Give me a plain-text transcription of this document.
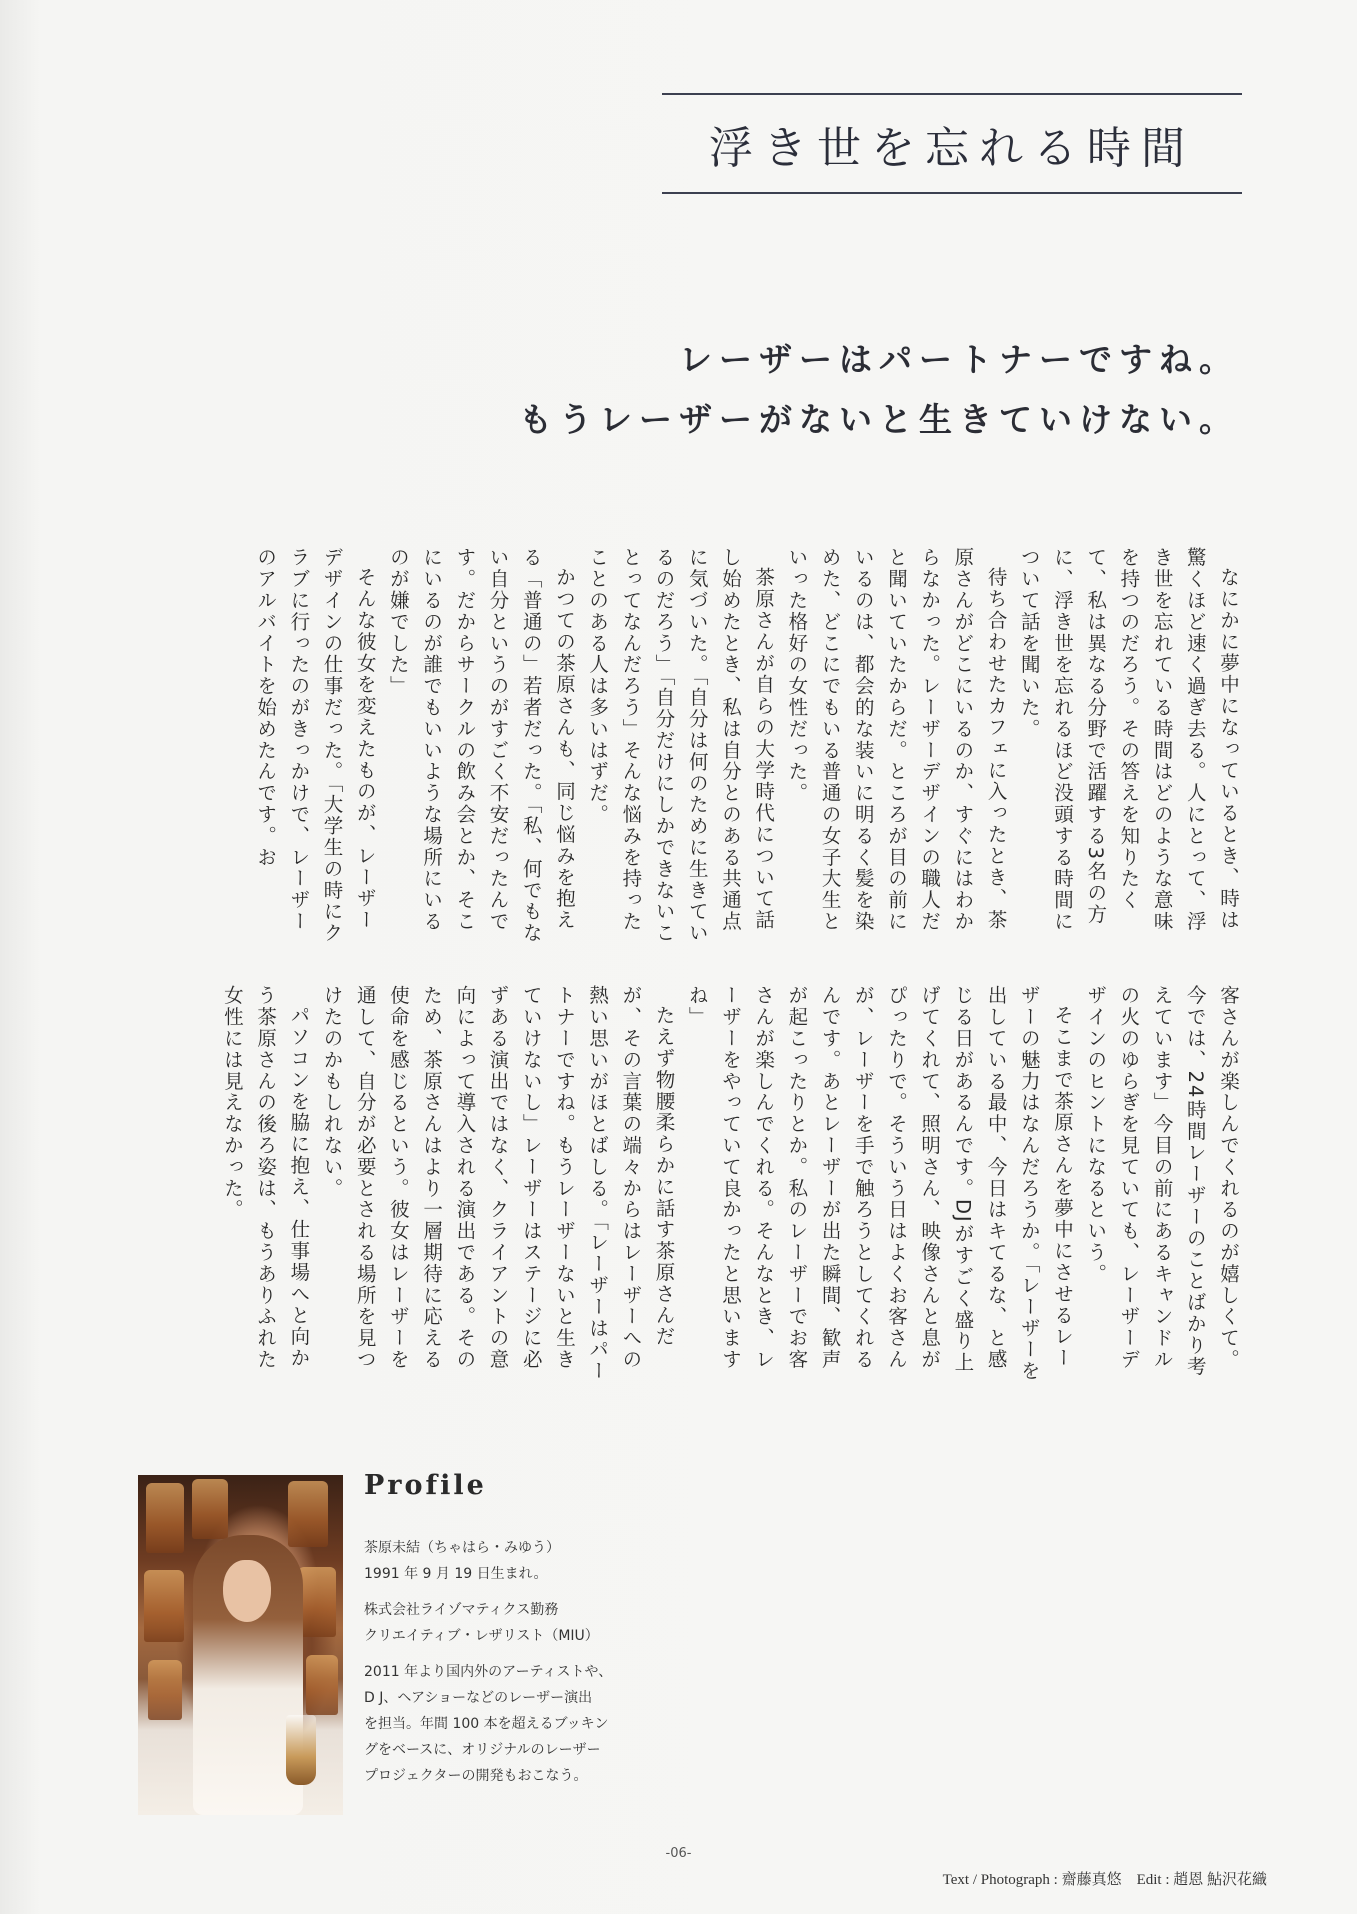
浮き世を忘れる時間
レーザーはパートナーですね。
もうレーザーがないと生きていけない。

なにかに夢中になっているとき、時は驚くほど速く過ぎ去る。人にとって、浮き世を忘れている時間はどのような意味を持つのだろう。その答えを知りたくて、私は異なる分野で活躍する3名の方に、浮き世を忘れるほど没頭する時間について話を聞いた。

待ち合わせたカフェに入ったとき、茶原さんがどこにいるのか、すぐにはわからなかった。レーザーデザインの職人だと聞いていたからだ。ところが目の前にいるのは、都会的な装いに明るく髪を染めた、どこにでもいる普通の女子大生といった格好の女性だった。

茶原さんが自らの大学時代について話し始めたとき、私は自分とのある共通点に気づいた。「自分は何のために生きているのだろう」「自分だけにしかできないことってなんだろう」そんな悩みを持ったことのある人は多いはずだ。

かつての茶原さんも、同じ悩みを抱える「普通の」若者だった。「私、何でもない自分というのがすごく不安だったんです。だからサークルの飲み会とか、そこにいるのが誰でもいいような場所にいるのが嫌でした」

そんな彼女を変えたものが、レーザーデザインの仕事だった。「大学生の時にクラブに行ったのがきっかけで、レーザーのアルバイトを始めたんです。お

客さんが楽しんでくれるのが嬉しくて。今では、24時間レーザーのことばかり考えています」今目の前にあるキャンドルの火のゆらぎを見ていても、レーザーデザインのヒントになるという。

そこまで茶原さんを夢中にさせるレーザーの魅力はなんだろうか。「レーザーを出している最中、今日はキてるな、と感じる日があるんです。DJがすごく盛り上げてくれて、照明さん、映像さんと息がぴったりで。そういう日はよくお客さんが、レーザーを手で触ろうとしてくれるんです。あとレーザーが出た瞬間、歓声が起こったりとか。私のレーザーでお客さんが楽しんでくれる。そんなとき、レーザーをやっていて良かったと思いますね」

たえず物腰柔らかに話す茶原さんだが、その言葉の端々からはレーザーへの熱い思いがほとばしる。「レーザーはパートナーですね。もうレーザーないと生きていけないし」レーザーはステージに必ずある演出ではなく、クライアントの意向によって導入される演出である。そのため、茶原さんはより一層期待に応える使命を感じるという。彼女はレーザーを通して、自分が必要とされる場所を見つけたのかもしれない。

パソコンを脇に抱え、仕事場へと向かう茶原さんの後ろ姿は、もうありふれた女性には見えなかった。

Profile

茶原未結（ちゃはら・みゆう）
1991 年 9 月 19 日生まれ。

株式会社ライゾマティクス勤務
クリエイティブ・レザリスト（MIU）

2011 年より国内外のアーティストや、
D J、ヘアショーなどのレーザー演出
を担当。年間 100 本を超えるブッキン
グをベースに、オリジナルのレーザー
プロジェクターの開発もおこなう。

-06-
Text / Photograph : 齋藤真悠　Edit : 趙恩 鮎沢花織
